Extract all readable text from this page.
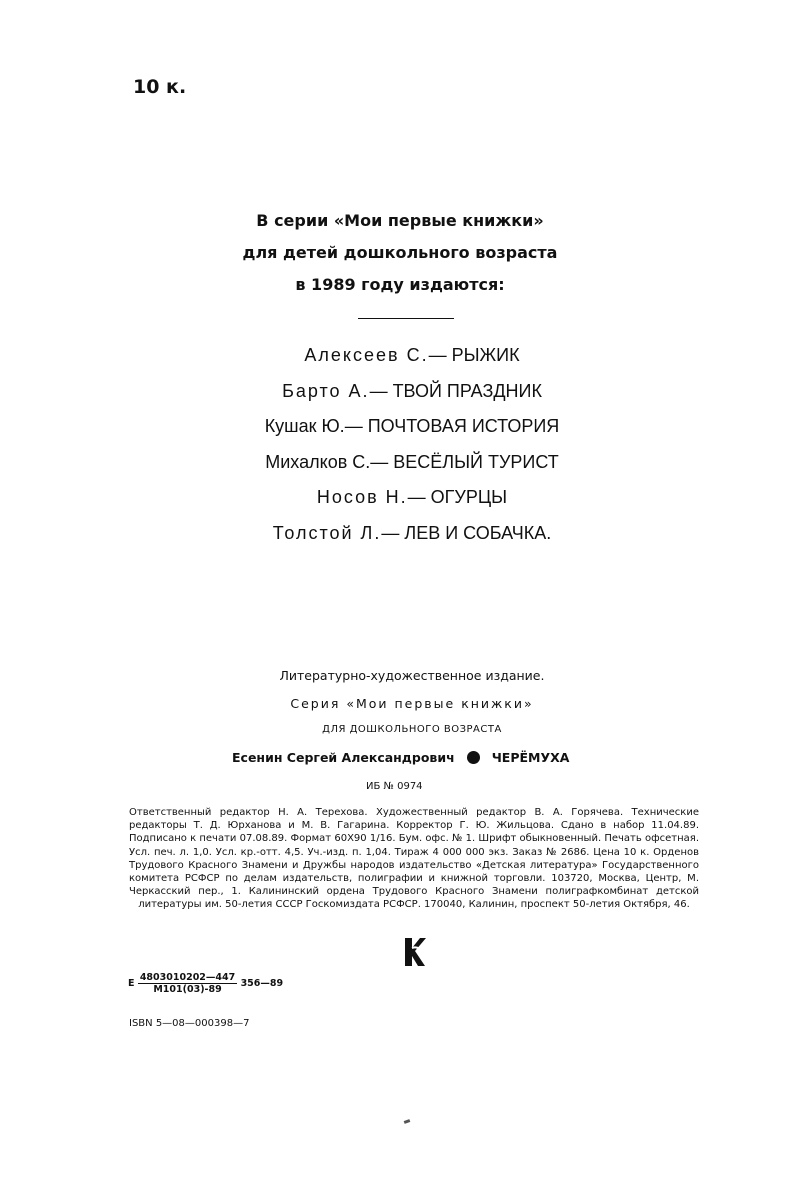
10 к.
В серии «Мои первые книжки»
для детей дошкольного возраста
в 1989 году издаются:
Алексеев С.— РЫЖИК
Барто А.— ТВОЙ ПРАЗДНИК
Кушак Ю.— ПОЧТОВАЯ ИСТОРИЯ
Михалков С.— ВЕСЁЛЫЙ ТУРИСТ
Носов Н.— ОГУРЦЫ
Толстой Л.— ЛЕВ И СОБАЧКА.
Литературно-художественное издание.
Серия «Мои первые книжки»
ДЛЯ ДОШКОЛЬНОГО ВОЗРАСТА
Есенин Сергей Александрович	ЧЕРЁМУХА
ИБ № 0974

Ответственный редактор Н. А. Терехова. Художественный редактор В. А. Горячева. Технические редакторы Т. Д. Юрханова и М. В. Гагарина. Корректор Г. Ю. Жильцова. Сдано в набор 11.04.89. Подписано к печати 07.08.89. Формат 60Х90 1/16. Бум. офс. № 1. Шрифт обыкновенный. Печать офсетная. Усл. печ. л. 1,0. Усл. кр.-отт. 4,5. Уч.-изд. п. 1,04. Тираж 4 000 000 экз. Заказ № 2686. Цена 10 к. Орденов Трудового Красного Знамени и Дружбы народов издательство «Детская литература» Государственного комитета РСФСР по делам издательств, полиграфии и книжной торговли. 103720, Москва, Центр, М. Черкасский пер., 1. Калининский ордена Трудового Красного Знамени полиграфкомбинат детской литературы им. 50-летия СССР Госкомиздата РСФСР. 170040, Калинин, проспект 50-летия Октября, 46.

Е $\frac{4803010202—447}{М101(03)-89}$ 356—89
ISBN 5—08—000398—7
